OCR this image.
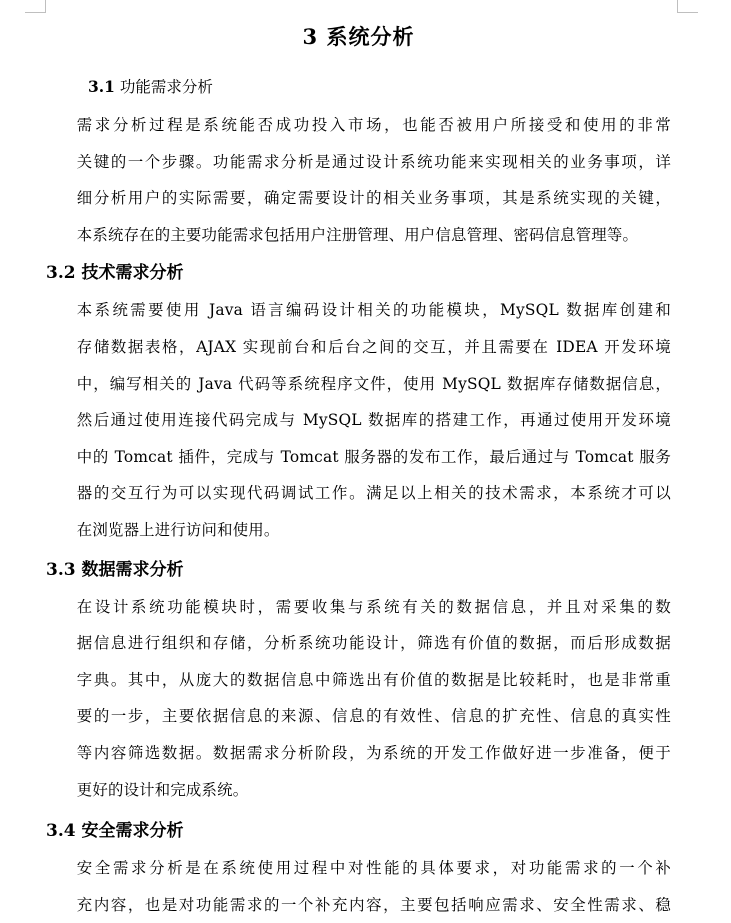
3 系统分析
3.1 功能需求分析

需求分析过程是系统能否成功投入市场，也能否被用户所接受和使用的非常
关键的一个步骤。功能需求分析是通过设计系统功能来实现相关的业务事项，详
细分析用户的实际需要，确定需要设计的相关业务事项，其是系统实现的关键，
本系统存在的主要功能需求包括用户注册管理、用户信息管理、密码信息管理等。

3.2 技术需求分析

本系统需要使用 Java 语言编码设计相关的功能模块，MySQL 数据库创建和
存储数据表格，AJAX 实现前台和后台之间的交互，并且需要在 IDEA 开发环境
中，编写相关的 Java 代码等系统程序文件，使用 MySQL 数据库存储数据信息，
然后通过使用连接代码完成与 MySQL 数据库的搭建工作，再通过使用开发环境
中的 Tomcat 插件，完成与 Tomcat 服务器的发布工作，最后通过与 Tomcat 服务
器的交互行为可以实现代码调试工作。满足以上相关的技术需求，本系统才可以
在浏览器上进行访问和使用。

3.3 数据需求分析

在设计系统功能模块时，需要收集与系统有关的数据信息，并且对采集的数
据信息进行组织和存储，分析系统功能设计，筛选有价值的数据，而后形成数据
字典。其中，从庞大的数据信息中筛选出有价值的数据是比较耗时，也是非常重
要的一步，主要依据信息的来源、信息的有效性、信息的扩充性、信息的真实性
等内容筛选数据。数据需求分析阶段，为系统的开发工作做好进一步准备，便于
更好的设计和完成系统。

3.4 安全需求分析

安全需求分析是在系统使用过程中对性能的具体要求，对功能需求的一个补
充内容，也是对功能需求的一个补充内容，主要包括响应需求、安全性需求、稳
